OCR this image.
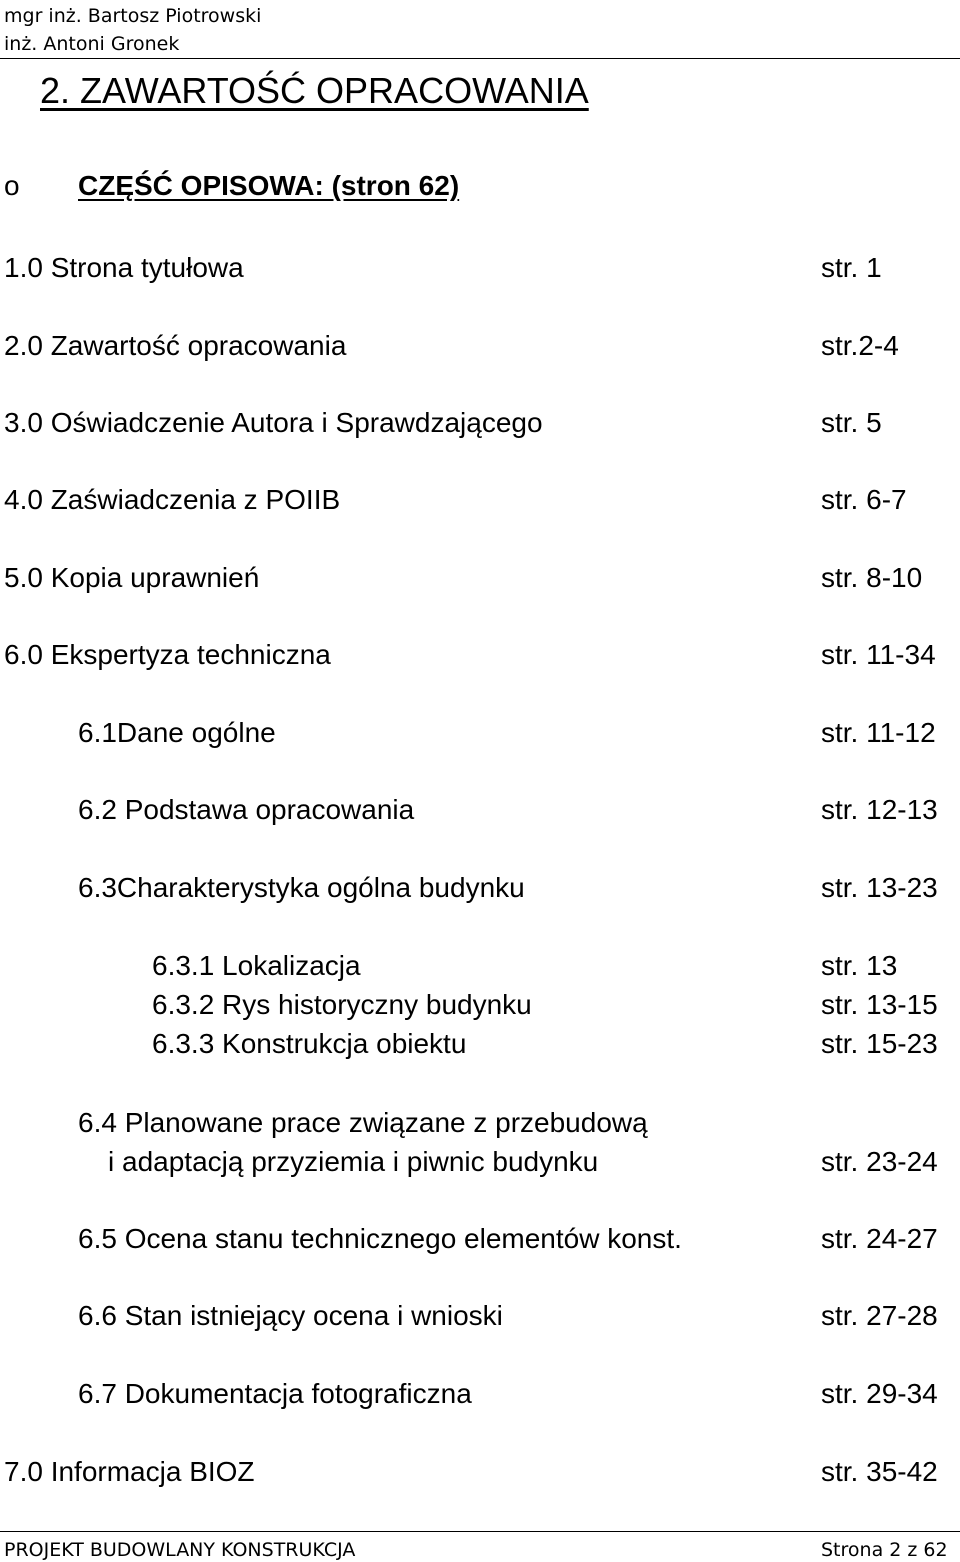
mgr inż. Bartosz Piotrowski
inż. Antoni Gronek
2. ZAWARTOŚĆ OPRACOWANIA
o CZĘŚĆ OPISOWA: (stron 62)
1.0 Strona tytułowa	str. 1
2.0 Zawartość opracowania	str.2-4
3.0 Oświadczenie Autora i Sprawdzającego	str. 5
4.0 Zaświadczenia z POIIB	str. 6-7
5.0 Kopia uprawnień	str. 8-10
6.0 Ekspertyza techniczna	str. 11-34
6.1Dane ogólne	str. 11-12
6.2 Podstawa opracowania	str. 12-13
6.3Charakterystyka ogólna budynku	str. 13-23
6.3.1 Lokalizacja	str. 13
6.3.2 Rys historyczny budynku	str. 13-15
6.3.3 Konstrukcja obiektu	str. 15-23
6.4 Planowane prace związane z przebudową
i adaptacją przyziemia i piwnic budynku	str. 23-24
6.5 Ocena stanu technicznego elementów konst.	str. 24-27
6.6 Stan istniejący ocena i wnioski	str. 27-28
6.7 Dokumentacja fotograficzna	str. 29-34
7.0 Informacja BIOZ	str. 35-42
PROJEKT BUDOWLANY KONSTRUKCJA	Strona 2 z 62
